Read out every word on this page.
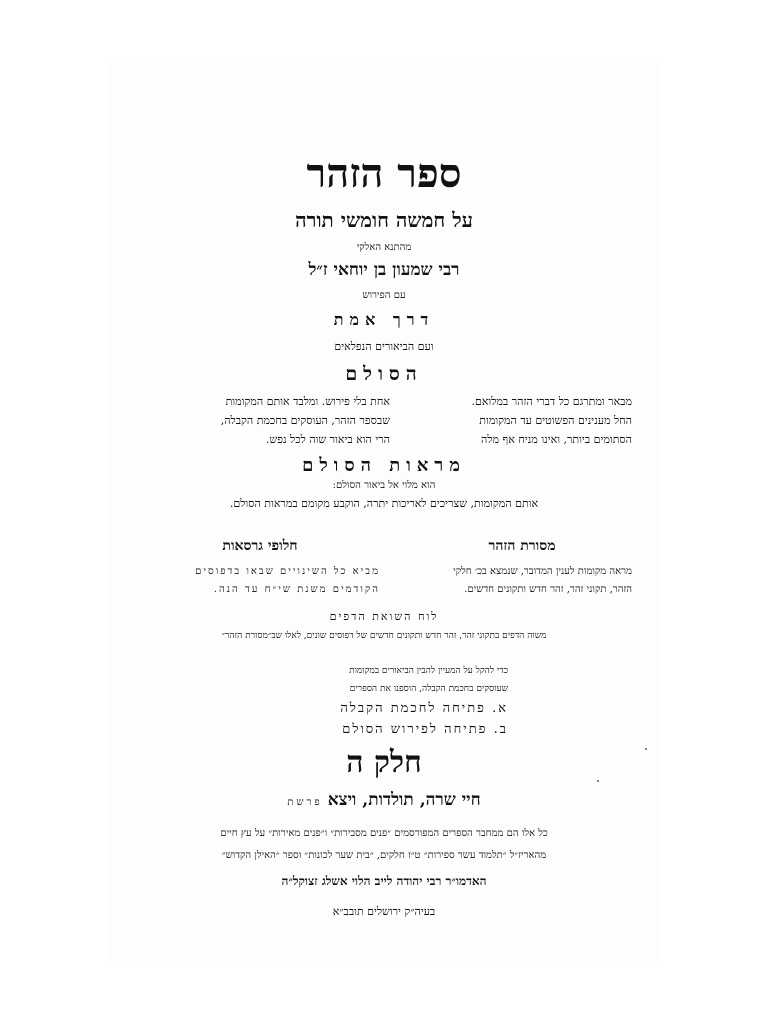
ספר הזהר
על חמשה חומשי תורה
מהתנא האלקי
רבי שמעון בן יוחאי ז״ל
עם הפירוש
דרך אמת
ועם הביאורים הנפלאים
הסולם
מבאר ומתרגם כל דברי הזהר במלואם.
החל מענינים הפשוטים עד המקומות
הסתומים ביותר, ואינו מניח אף מלה
אחת בלי פירוש. ומלבד אותם המקומות
שבספר הזהר, העוסקים בחכמת הקבלה,
הרי הוא ביאור שוה לכל נפש.
מראות הסולם
הוא מלוי אל ביאור הסולם:
אותם המקומות, שצריכים לאריכות יתרה, הוקבע מקומם במראות הסולם.
מסורת הזהר
מראה מקומות לענין המדובר, שנמצא בכ׳ חלקי
הזהר, תקוני זהר, זהר חדש ותקונים חדשים.
חלופי גרסאות
מביא כל השינויים שבאו בדפוסים
הקודמים משנת שי״ח עד הנה.
לוח השואת הדפים
משוה הדפים בתקוני זהר, זהר חדש ותקונים חדשים של דפוסים שונים, לאלו שב״מסורת הזהר״
כדי להקל על המעיין להבין הביאורים במקומות
שעוסקים בחכמת הקבלה, הוספנו את הספרים
א. פתיחה לחכמת הקבלה
ב. פתיחה לפירוש הסולם
חלק ה
חיי שרה, תולדות, ויצא פרשת
כל אלו הם ממחבר הספרים המפורסמים ״פנים מסבירות״ ו״פנים מאירות״ על עץ חיים
מהאריז״ל ״תלמוד עשר ספירות״ ט״ז חלקים, ״בית שער לכונות״ וספר ״האילן הקדוש״
האדמו״ר רבי יהודה לייב הלוי אשלג זצוקל״ה
בעיה״ק ירושלים תובב״א
